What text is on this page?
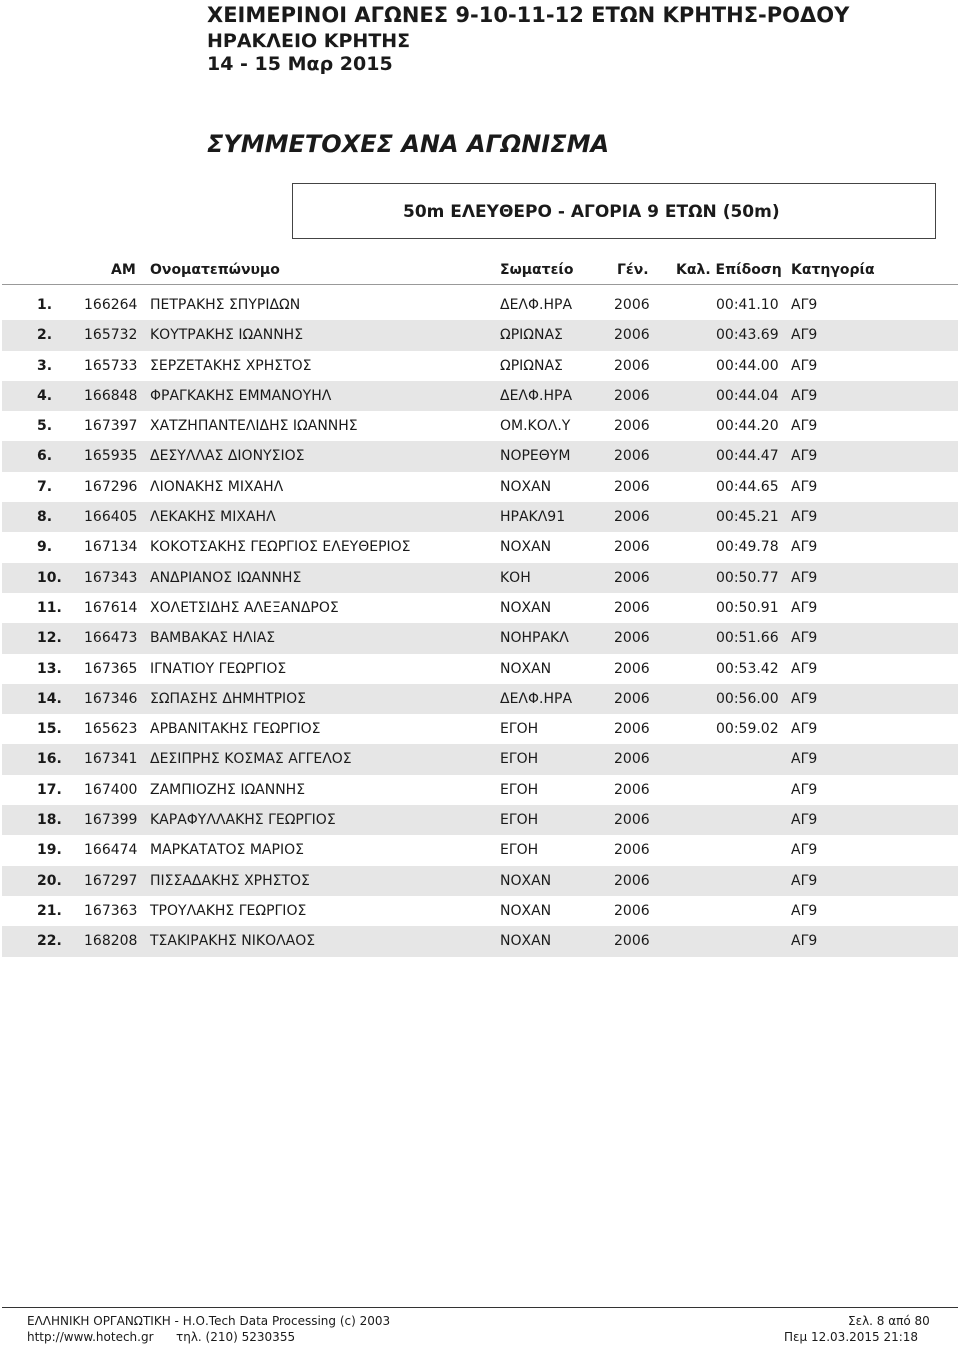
ΧΕΙΜΕΡΙΝΟΙ ΑΓΩΝΕΣ 9-10-11-12 ΕΤΩΝ ΚΡΗΤΗΣ-ΡΟΔΟΥ
ΗΡΑΚΛΕΙΟ ΚΡΗΤΗΣ
14 - 15 Μαρ 2015
ΣΥΜΜΕΤΟΧΕΣ ΑΝΑ ΑΓΩΝΙΣΜΑ
50m ΕΛΕΥΘΕΡΟ - ΑΓΟΡΙΑ 9 ΕΤΩΝ (50m)
ΑΜ Ονοματεπώνυμο	Σωματείο	Γέν. Καλ. Επίδοση Κατηγορία
1. 166264 ΠΕΤΡΑΚΗΣ ΣΠΥΡΙΔΩΝ	ΔΕΛΦ.ΗΡΑ	2006	00:41.10 ΑΓ9
2. 165732 ΚΟΥΤΡΑΚΗΣ ΙΩΑΝΝΗΣ	ΩΡΙΩΝΑΣ	2006	00:43.69 ΑΓ9
3. 165733 ΣΕΡΖΕΤΑΚΗΣ ΧΡΗΣΤΟΣ	ΩΡΙΩΝΑΣ	2006	00:44.00 ΑΓ9
4. 166848 ΦΡΑΓΚΑΚΗΣ ΕΜΜΑΝΟΥΗΛ	ΔΕΛΦ.ΗΡΑ	2006	00:44.04 ΑΓ9
5. 167397 ΧΑΤΖΗΠΑΝΤΕΛΙΔΗΣ ΙΩΑΝΝΗΣ	ΟΜ.ΚΟΛ.Υ	2006	00:44.20 ΑΓ9
6. 165935 ΔΕΣΥΛΛΑΣ ΔΙΟΝΥΣΙΟΣ	ΝΟΡΕΘΥΜ	2006	00:44.47 ΑΓ9
7. 167296 ΛΙΟΝΑΚΗΣ ΜΙΧΑΗΛ	ΝΟΧΑΝ	2006	00:44.65 ΑΓ9
8. 166405 ΛΕΚΑΚΗΣ ΜΙΧΑΗΛ	ΗΡΑΚΛ91	2006	00:45.21 ΑΓ9
9. 167134 ΚΟΚΟΤΣΑΚΗΣ ΓΕΩΡΓΙΟΣ ΕΛΕΥΘΕΡΙΟΣ	ΝΟΧΑΝ	2006	00:49.78 ΑΓ9
10. 167343 ΑΝΔΡΙΑΝΟΣ ΙΩΑΝΝΗΣ	ΚΟΗ	2006	00:50.77 ΑΓ9
11. 167614 ΧΟΛΕΤΣΙΔΗΣ ΑΛΕΞΑΝΔΡΟΣ	ΝΟΧΑΝ	2006	00:50.91 ΑΓ9
12. 166473 ΒΑΜΒΑΚΑΣ ΗΛΙΑΣ	ΝΟΗΡΑΚΛ	2006	00:51.66 ΑΓ9
13. 167365 ΙΓΝΑΤΙΟΥ ΓΕΩΡΓΙΟΣ	ΝΟΧΑΝ	2006	00:53.42 ΑΓ9
14. 167346 ΣΩΠΑΣΗΣ ΔΗΜΗΤΡΙΟΣ	ΔΕΛΦ.ΗΡΑ	2006	00:56.00 ΑΓ9
15. 165623 ΑΡΒΑΝΙΤΑΚΗΣ ΓΕΩΡΓΙΟΣ	ΕΓΟΗ	2006	00:59.02 ΑΓ9
16. 167341 ΔΕΣΙΠΡΗΣ ΚΟΣΜΑΣ ΑΓΓΕΛΟΣ	ΕΓΟΗ	2006	ΑΓ9
17. 167400 ΖΑΜΠΙΟΖΗΣ ΙΩΑΝΝΗΣ	ΕΓΟΗ	2006	ΑΓ9
18. 167399 ΚΑΡΑΦΥΛΛΑΚΗΣ ΓΕΩΡΓΙΟΣ	ΕΓΟΗ	2006	ΑΓ9
19. 166474 ΜΑΡΚΑΤΑΤΟΣ ΜΑΡΙΟΣ	ΕΓΟΗ	2006	ΑΓ9
20. 167297 ΠΙΣΣΑΔΑΚΗΣ ΧΡΗΣΤΟΣ	ΝΟΧΑΝ	2006	ΑΓ9
21. 167363 ΤΡΟΥΛΑΚΗΣ ΓΕΩΡΓΙΟΣ	ΝΟΧΑΝ	2006	ΑΓ9
22. 168208 ΤΣΑΚΙΡΑΚΗΣ ΝΙΚΟΛΑΟΣ	ΝΟΧΑΝ	2006	ΑΓ9
ΕΛΛΗΝΙΚΗ ΟΡΓΑΝΩΤΙΚΗ - Η.Ο.Tech Data Processing (c) 2003
http://www.hotech.gr τηλ. (210) 5230355
Σελ. 8 από 80
Πεμ 12.03.2015 21:18
